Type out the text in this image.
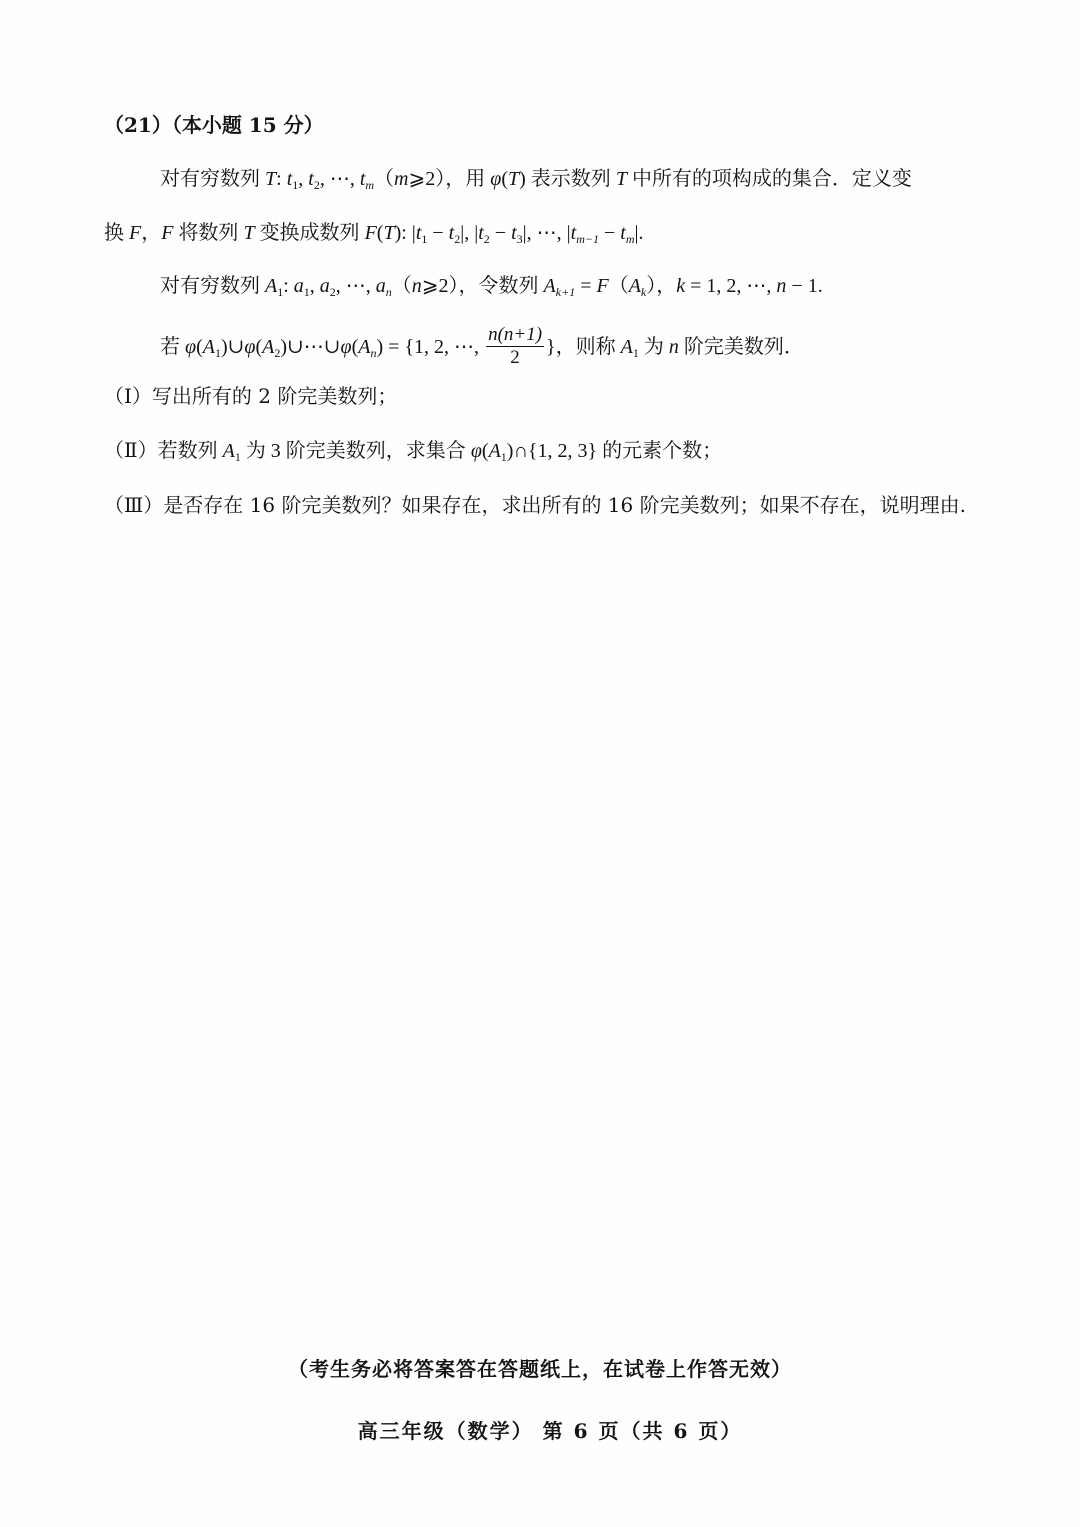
（21）（本小题 15 分）
对有穷数列 T: $t_1$, $t_2$, ⋯, $t_m(m⩾2)$，用 φ(T) 表示数列 T 中所有的项构成的集合．定义变
换 F，F 将数列 T 变换成数列 F(T): $|t_1 - t_2|$, $|t_2 - t_3|$, ⋯, $|t_{m-1} - t_m|$.
对有穷数列 $A_1$: $a_1$, $a_2$, ⋯, $a_n(n⩾2)$，令数列 $A_{k+1} = F(A_k)$，k = 1, 2, ⋯, n − 1.
若 $\varphi(A_1)\cup\varphi(A_2)\cup\cdots\cup\varphi(A_n) = \{1$, 2, ⋯, $\frac{n(n+1)}{2}$ }，则称 $A_1$ 为 n 阶完美数列．
（Ⅰ）写出所有的 2 阶完美数列；
（Ⅱ）若数列 $A_1$ 为 3 阶完美数列，求集合 $\varphi(A_1)\cap\{1$, 2, 3} 的元素个数；
（Ⅲ）是否存在 16 阶完美数列？如果存在，求出所有的 16 阶完美数列；如果不存在，说明理由.
（考生务必将答案答在答题纸上，在试卷上作答无效）
高三年级（数学） 第 6 页（共 6 页）
